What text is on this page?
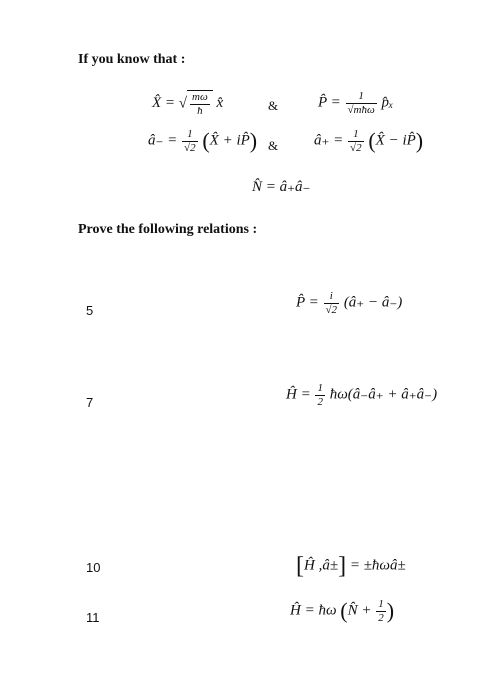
If you know that :
Prove the following relations :
X̂ = √ $\frac{m\omega}{ħ}$ x̂	&	P̂ = $\frac{1}{\text{√mħω}}$ p̂ₓ
â₋ = $\frac{1}{√2}$ (X̂ + iP̂) & â₊ = $\frac{1}{√2}$ (X̂ − iP̂)
N̂ = â₊â₋
5	P̂ = $\frac{i}{√2}$ (â₊ − â₋)
7	Ĥ = $\frac{1}{2}$ ħω(â₋â₊ + â₊â₋)
10	[Ĥ ,â±] = ±ħωâ±
11	Ĥ = ħω (N̂ + $\frac{1}{2}$ )
